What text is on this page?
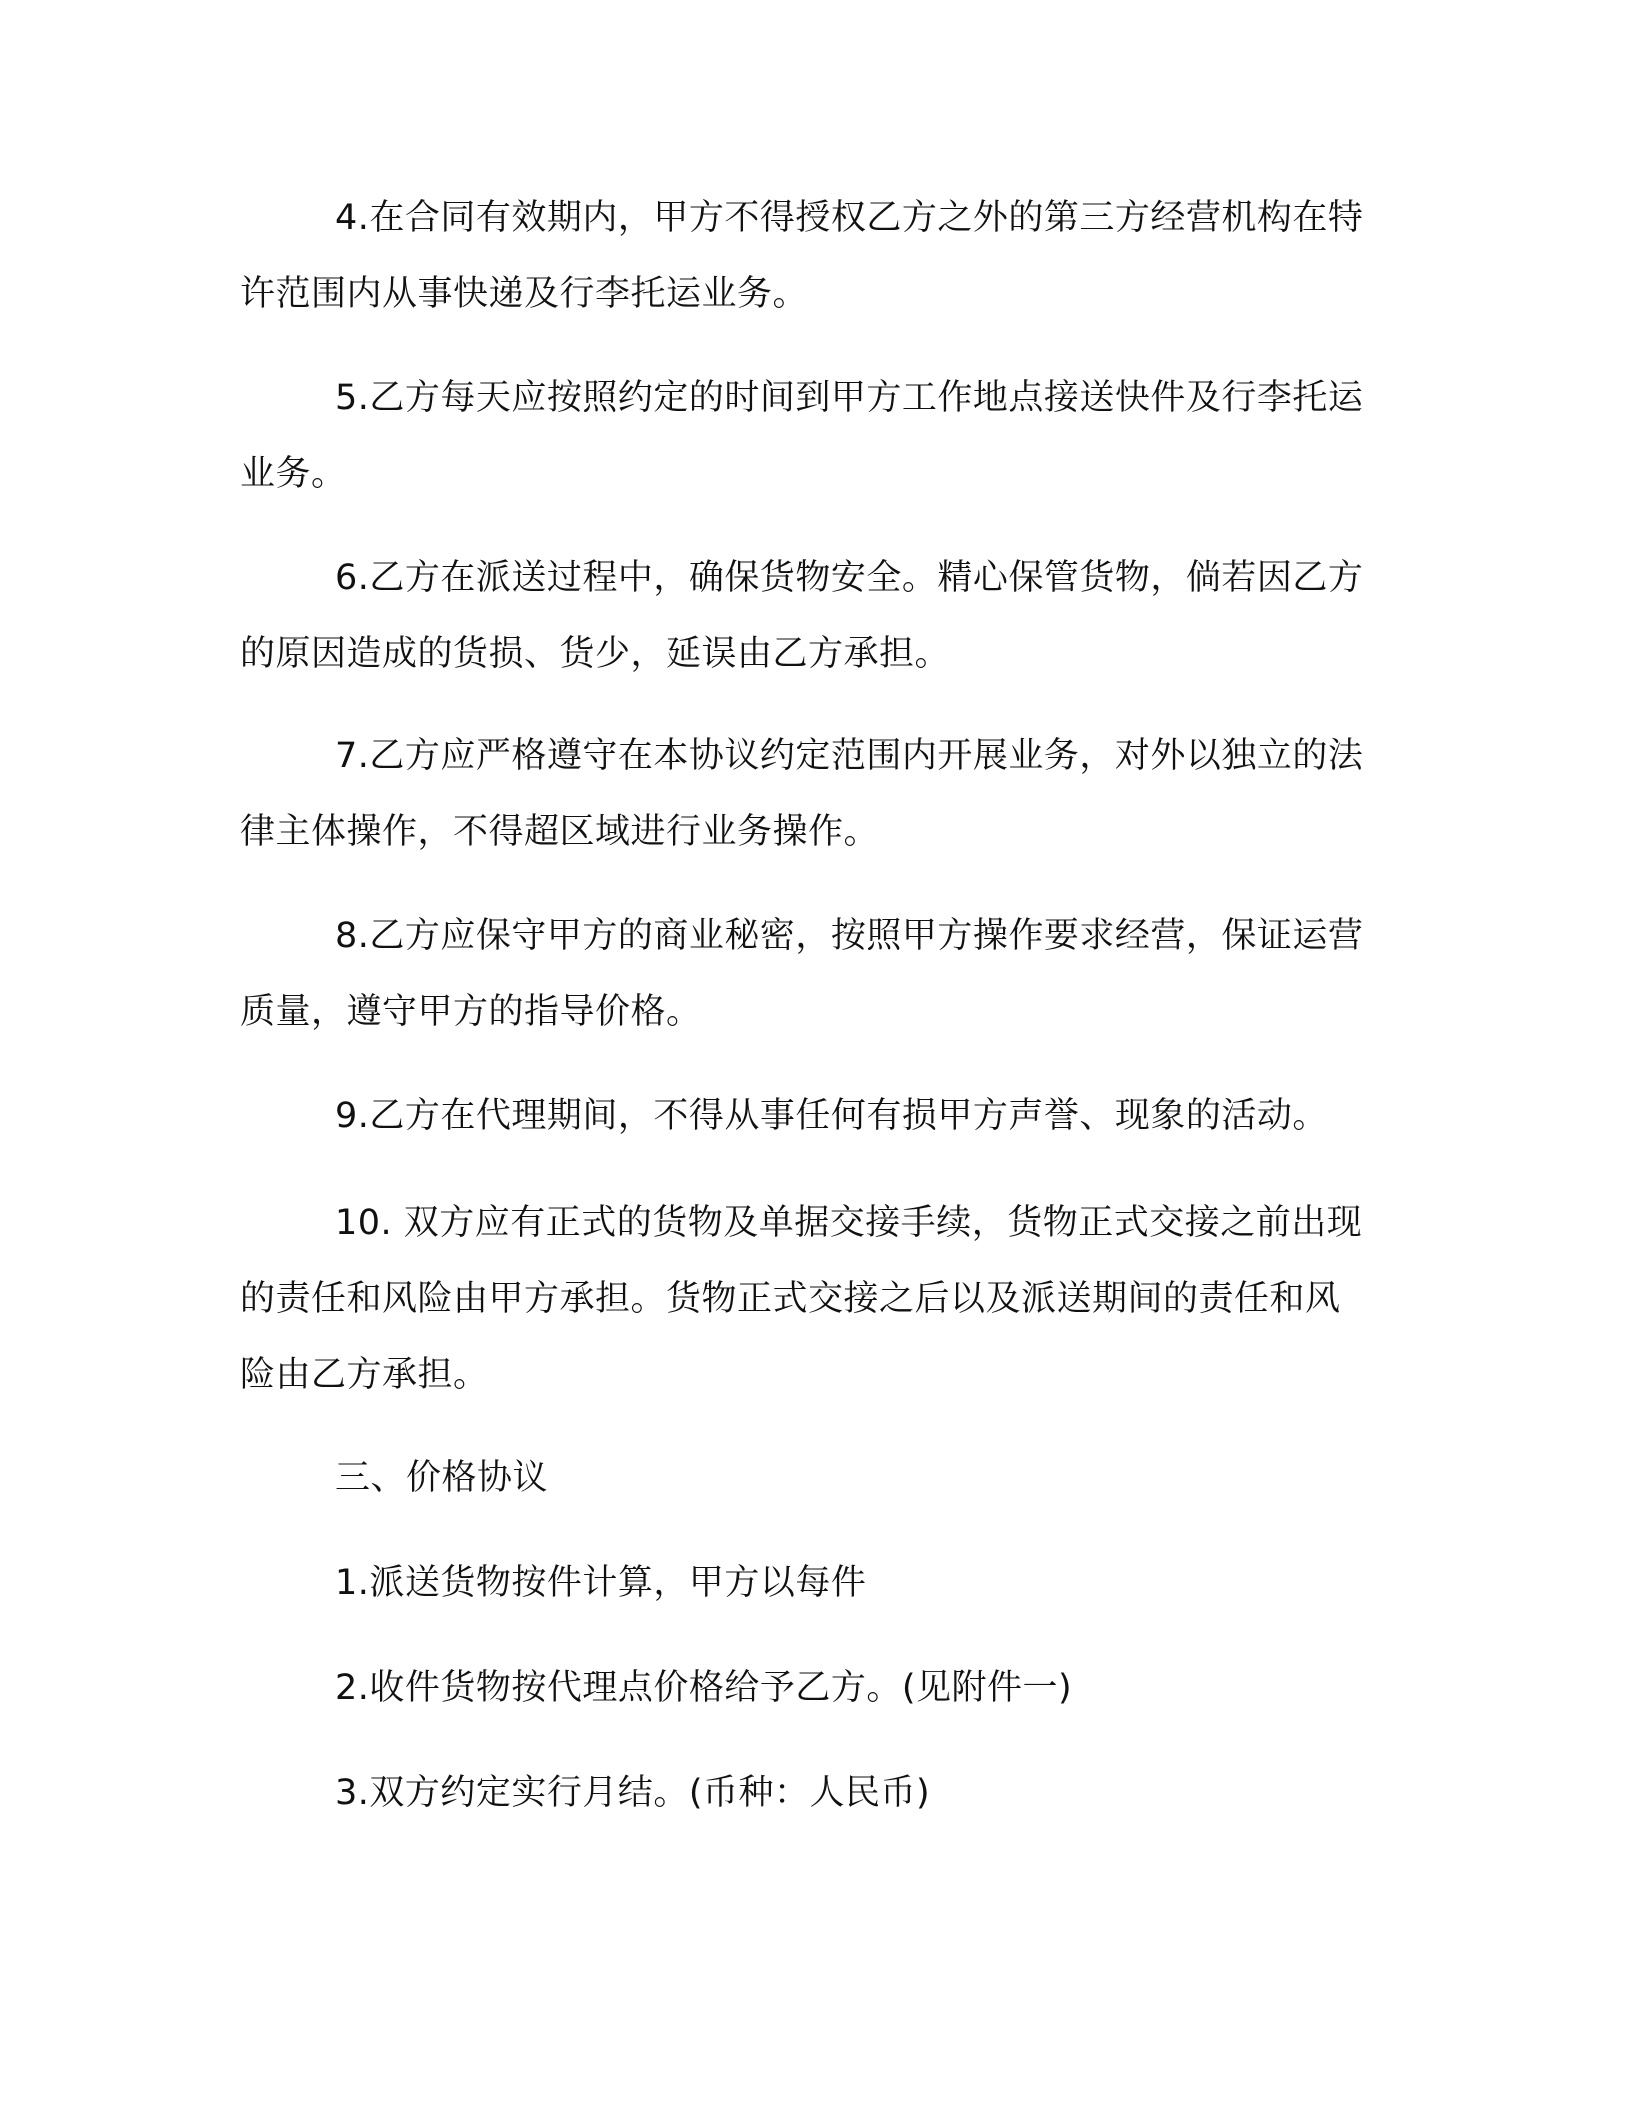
4.在合同有效期内，甲方不得授权乙方之外的第三方经营机构在特许范围内从事快递及行李托运业务。

5.乙方每天应按照约定的时间到甲方工作地点接送快件及行李托运业务。

6.乙方在派送过程中，确保货物安全。精心保管货物，倘若因乙方的原因造成的货损、货少，延误由乙方承担。

7.乙方应严格遵守在本协议约定范围内开展业务，对外以独立的法律主体操作，不得超区域进行业务操作。

8.乙方应保守甲方的商业秘密，按照甲方操作要求经营，保证运营质量，遵守甲方的指导价格。

9.乙方在代理期间，不得从事任何有损甲方声誉、现象的活动。

10. 双方应有正式的货物及单据交接手续，货物正式交接之前出现的责任和风险由甲方承担。货物正式交接之后以及派送期间的责任和风险由乙方承担。

三、价格协议

1.派送货物按件计算，甲方以每件

2.收件货物按代理点价格给予乙方。(见附件一)

3.双方约定实行月结。(币种：人民币)
